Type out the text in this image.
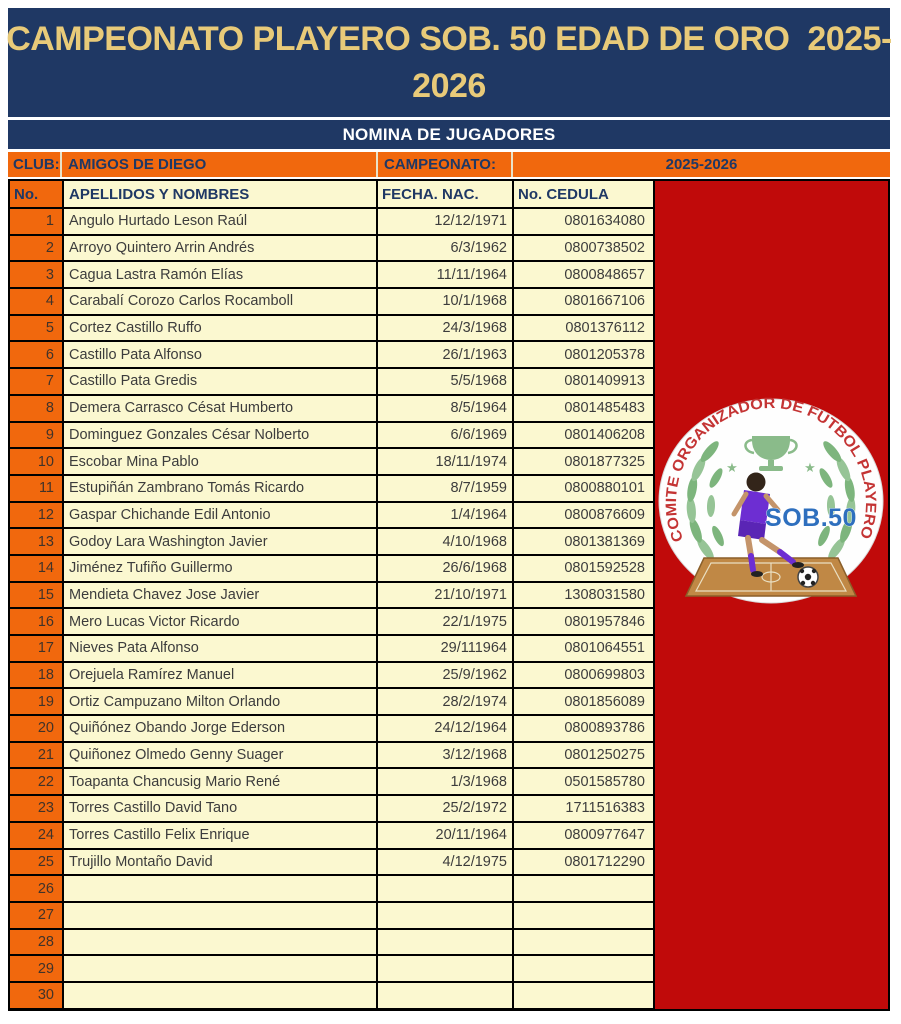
CAMPEONATO PLAYERO SOB. 50 EDAD DE ORO  2025-
2026
NOMINA DE JUGADORES
CLUB: AMIGOS DE DIEGO	CAMPEONATO:	2025-2026
No.	APELLIDOS Y NOMBRES	FECHA. NAC.	No. CEDULA
1	Angulo Hurtado Leson Raúl	12/12/1971	0801634080
2	Arroyo Quintero Arrin Andrés	6/3/1962	0800738502
3	Cagua Lastra Ramón Elías	11/11/1964	0800848657
4	Carabalí Corozo Carlos Rocamboll	10/1/1968	0801667106
5	Cortez Castillo Ruffo	24/3/1968	0801376112
6	Castillo Pata Alfonso	26/1/1963	0801205378
7	Castillo Pata Gredis	5/5/1968	0801409913
8	Demera Carrasco Césat Humberto	8/5/1964	0801485483
9	Dominguez Gonzales César Nolberto	6/6/1969	0801406208
10	Escobar Mina Pablo	18/11/1974	0801877325
11	Estupiñán Zambrano Tomás Ricardo	8/7/1959	0800880101
12	Gaspar Chichande Edil Antonio	1/4/1964	0800876609
13	Godoy Lara Washington Javier	4/10/1968	0801381369
14	Jiménez Tufiño Guillermo	26/6/1968	0801592528
15	Mendieta Chavez Jose Javier	21/10/1971	1308031580
16	Mero Lucas Victor Ricardo	22/1/1975	0801957846
17	Nieves Pata Alfonso	29/111964	0801064551
18	Orejuela Ramírez Manuel	25/9/1962	0800699803
19	Ortiz Campuzano Milton Orlando	28/2/1974	0801856089
20	Quiñónez Obando Jorge Ederson	24/12/1964	0800893786
21	Quiñonez Olmedo Genny Suager	3/12/1968	0801250275
22	Toapanta Chancusig Mario René	1/3/1968	0501585780
23	Torres Castillo David Tano	25/2/1972	1711516383
24	Torres Castillo Felix Enrique	20/11/1964	0800977647
25	Trujillo Montaño David	4/12/1975	0801712290
26
27
28
29
30
★	★
COMITE ORGANIZADOR DE FUTBOL PLAYERO
SOB.50
